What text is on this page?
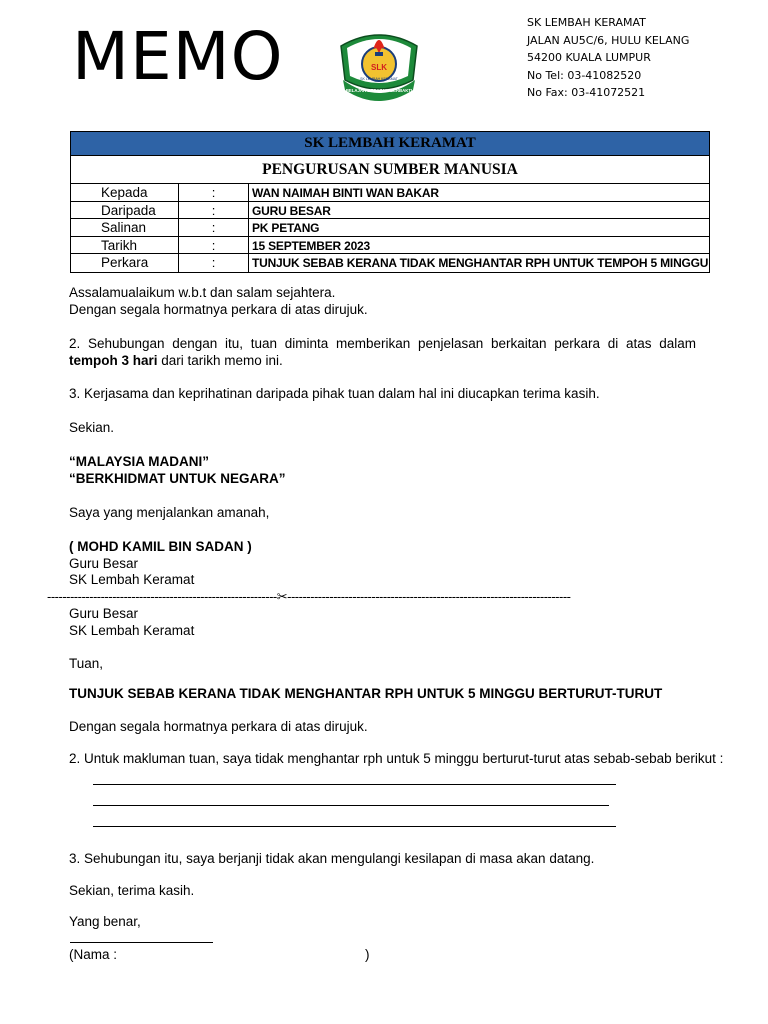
MEMO	SLK
SK LEMBAH KERAMAT
BELAJAR BERAZAM BERBAKTI
SK LEMBAH KERAMAT
JALAN AU5C/6, HULU KELANG
54200 KUALA LUMPUR
No Tel: 03-41082520
No Fax: 03-41072521
SK LEMBAH KERAMAT
PENGURUSAN SUMBER MANUSIA
Kepada	:	WAN NAIMAH BINTI WAN BAKAR
Daripada	:	GURU BESAR
Salinan	:	PK PETANG
Tarikh	:	15 SEPTEMBER 2023
Perkara	:	TUNJUK SEBAB KERANA TIDAK MENGHANTAR RPH UNTUK TEMPOH 5 MINGGU
Assalamualaikum w.b.t dan salam sejahtera.
Dengan segala hormatnya perkara di atas dirujuk.
2. Sehubungan dengan itu, tuan diminta memberikan penjelasan berkaitan perkara di atas dalam tempoh 3 hari dari tarikh memo ini.
3. Kerjasama dan keprihatinan daripada pihak tuan dalam hal ini diucapkan terima kasih.
Sekian.
“MALAYSIA MADANI”
“BERKHIDMAT UNTUK NEGARA”
Saya yang menjalankan amanah,
( MOHD KAMIL BIN SADAN )
Guru Besar
SK Lembah Keramat
------------------------------------------------------------✂--------------------------------------------------------------------------
Guru Besar
SK Lembah Keramat
Tuan,
TUNJUK SEBAB KERANA TIDAK MENGHANTAR RPH UNTUK 5 MINGGU BERTURUT-TURUT
Dengan segala hormatnya perkara di atas dirujuk.
2. Untuk makluman tuan, saya tidak menghantar rph untuk 5 minggu berturut-turut atas sebab-sebab berikut :
3. Sehubungan itu, saya berjanji tidak akan mengulangi kesilapan di masa akan datang.
Sekian, terima kasih.
Yang benar,
(Nama :	)
